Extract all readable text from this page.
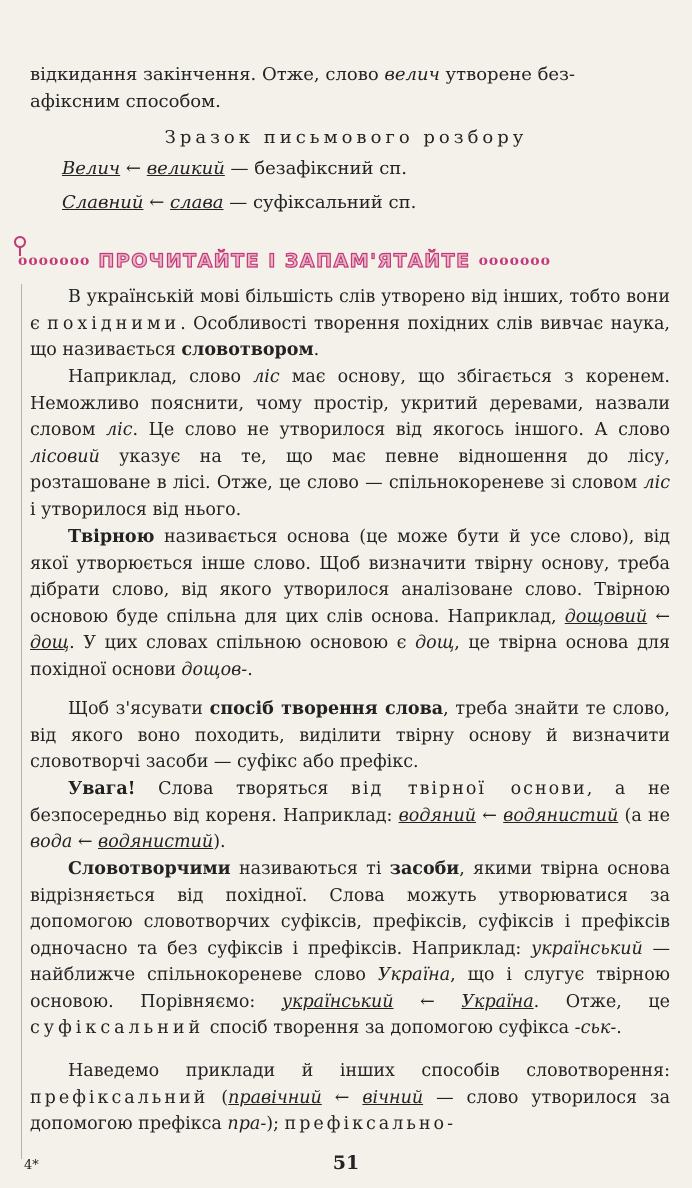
відкидання закінчення. Отже, слово велич утворене без-
афіксним способом.
Зразок письмового розбору
Велич ← великий — безафіксний сп.
Славний ← слава — суфіксальний сп.
ооооооо ПРОЧИТАЙТЕ І ЗАПАМ'ЯТАЙТЕ ооооооо
В українській мові більшість слів утворено від інших, тобто вони є похідними. Особливості творення похідних слів вивчає наука, що називається словотвором.
Наприклад, слово ліс має основу, що збігається з коренем. Неможливо пояснити, чому простір, укритий деревами, назвали словом ліс. Це слово не утворилося від якогось іншого. А слово лісовий указує на те, що має певне відношення до лісу, розташоване в лісі. Отже, це слово — спільнокореневе зі словом ліс і утворилося від нього.
Твірною називається основа (це може бути й усе слово), від якої утворюється інше слово. Щоб визначити твірну основу, треба дібрати слово, від якого утворилося аналізоване слово. Твірною основою буде спільна для цих слів основа. Наприклад, дощовий ← дощ. У цих словах спільною основою є дощ, це твірна основа для похідної основи дощов-.
Щоб з'ясувати спосіб творення слова, треба знайти те слово, від якого воно походить, виділити твірну основу й визначити словотворчі засоби — суфікс або префікс.
Увага! Слова творяться від твірної основи, а не безпосередньо від кореня. Наприклад: водяний ← водянистий (а не вода ← водянистий).
Словотворчими називаються ті засоби, якими твірна основа відрізняється від похідної. Слова можуть утворюватися за допомогою словотворчих суфіксів, префіксів, суфіксів і префіксів одночасно та без суфіксів і префіксів. Наприклад: український — найближче спільнокореневе слово Україна, що і слугує твірною основою. Порівняємо: український ← Україна. Отже, це суфіксальний спосіб творення за допомогою суфікса -ськ-.
Наведемо приклади й інших способів словотворення: префіксальний (правічний ← вічний — слово утворилося за допомогою префікса пра-); префіксально-
4*	51
